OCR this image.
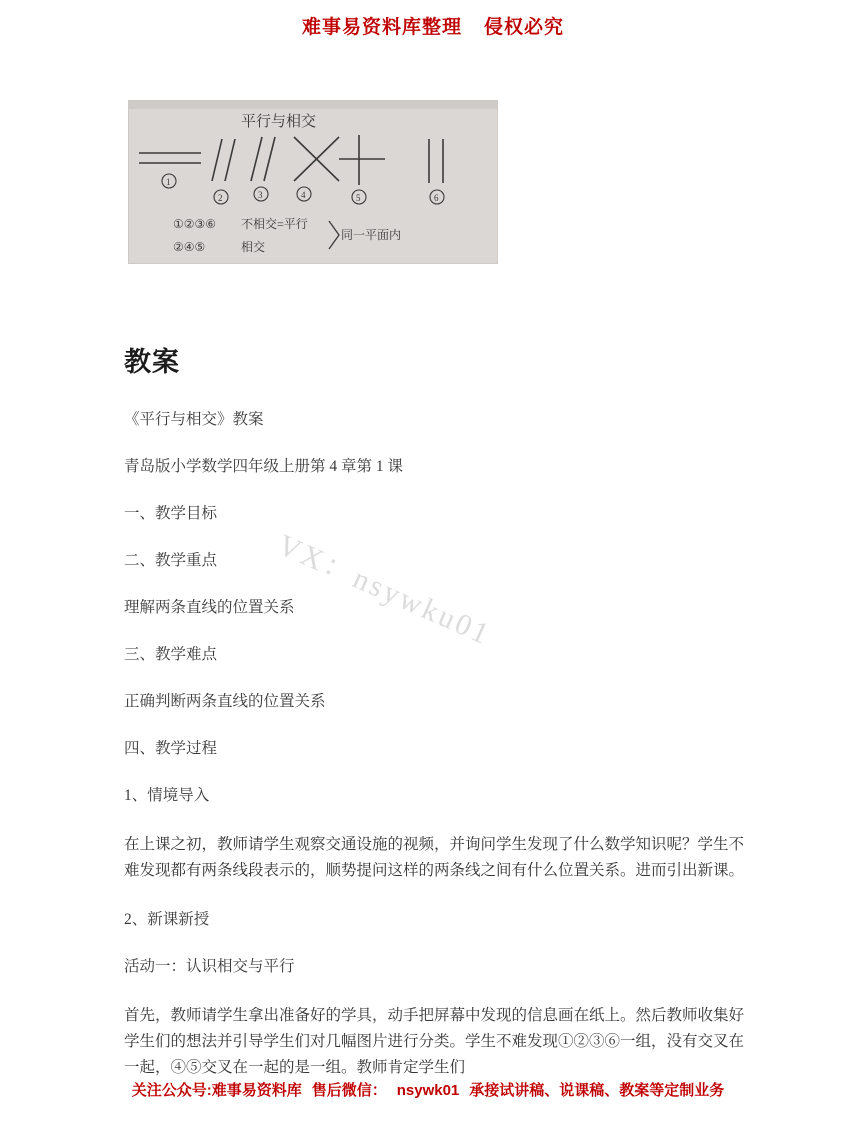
难事易资料库整理 侵权必究
平行与相交
1
2	3	4	5	6
①②③⑥ 不相交=平行
②④⑤	相交
同一平面内
VX：nsywku01
教案

《平行与相交》教案

青岛版小学数学四年级上册第 4 章第 1 课

一、教学目标

二、教学重点

理解两条直线的位置关系

三、教学难点

正确判断两条直线的位置关系

四、教学过程

1、情境导入

在上课之初，教师请学生观察交通设施的视频，并询问学生发现了什么数学知识呢？学生不难发现都有两条线段表示的，顺势提问这样的两条线之间有什么位置关系。进而引出新课。

2、新课新授

活动一：认识相交与平行

首先，教师请学生拿出准备好的学具，动手把屏幕中发现的信息画在纸上。然后教师收集好学生们的想法并引导学生们对几幅图片进行分类。学生不难发现①②③⑥一组，没有交叉在一起，④⑤交叉在一起的是一组。教师肯定学生们

关注公众号:难事易资料库 售后微信： nsywk01 承接试讲稿、说课稿、教案等定制业务
